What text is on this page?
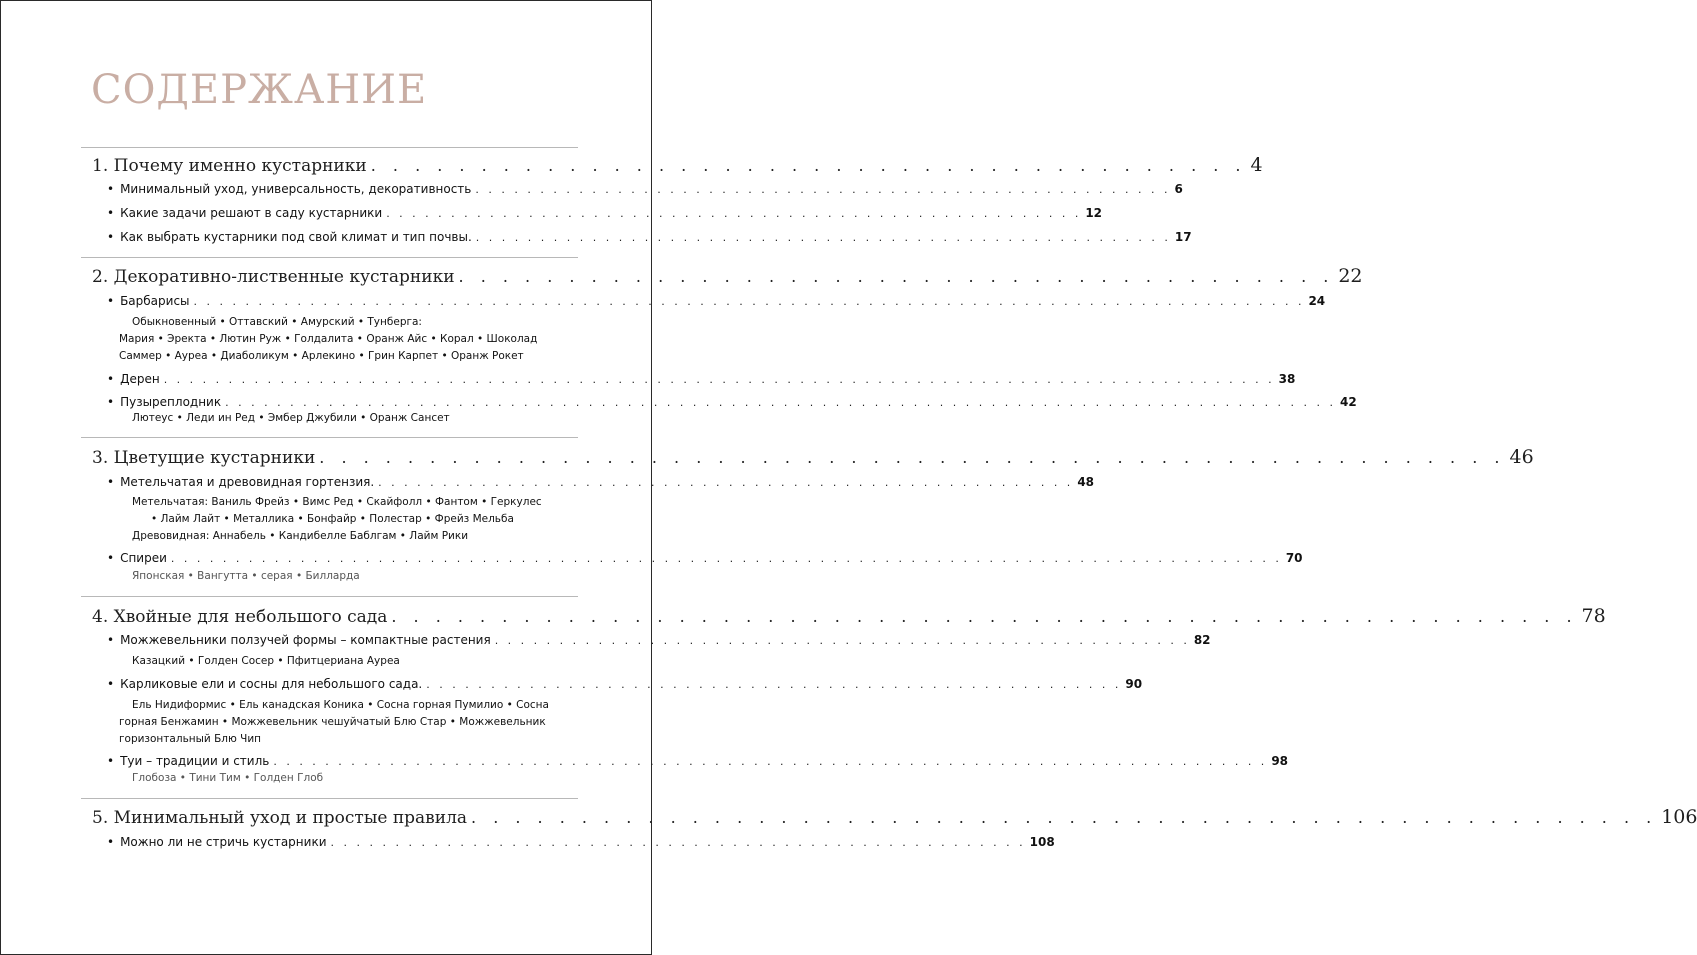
СОДЕРЖАНИЕ
1. Почему именно кустарники . . . . . . . . . . . . . . . . . . . . . . . . . . . . . . . . . . . . . . . . 4
• Минимальный уход, универсальность, декоративность . . . . . . . . . . . . . . . . . . . . . . . . . . . . . . . . . . . . . . . . . . . . . . . . . . . . . . 6
• Какие задачи решают в саду кустарники . . . . . . . . . . . . . . . . . . . . . . . . . . . . . . . . . . . . . . . . . . . . . . . . . . . . . . 12
• Как выбрать кустарники под свой климат и тип почвы. . . . . . . . . . . . . . . . . . . . . . . . . . . . . . . . . . . . . . . . . . . . . . . . . . . . . . . 17
2. Декоративно-лиственные кустарники . . . . . . . . . . . . . . . . . . . . . . . . . . . . . . . . . . . . . . . . 22
• Барбарисы . . . . . . . . . . . . . . . . . . . . . . . . . . . . . . . . . . . . . . . . . . . . . . . . . . . . . . . . . . . . . . . . . . . . . . . . . . . . . . . . . . . . . . 24
Обыкновенный • Оттавский • Амурский • Тунберга:
Мария • Эректа • Лютин Руж • Голдалита • Оранж Айс • Корал • Шоколад
Саммер • Ауреа • Диаболикум • Арлекино • Грин Карпет • Оранж Рокет
• Дерен . . . . . . . . . . . . . . . . . . . . . . . . . . . . . . . . . . . . . . . . . . . . . . . . . . . . . . . . . . . . . . . . . . . . . . . . . . . . . . . . . . . . . . 38
• Пузыреплодник . . . . . . . . . . . . . . . . . . . . . . . . . . . . . . . . . . . . . . . . . . . . . . . . . . . . . . . . . . . . . . . . . . . . . . . . . . . . . . . . . . . . . . 42
Лютеус • Леди ин Ред • Эмбер Джубили • Оранж Сансет
3. Цветущие кустарники . . . . . . . . . . . . . . . . . . . . . . . . . . . . . . . . . . . . . . . . . . . . . . . . . . . . . . 46
• Метельчатая и древовидная гортензия. . . . . . . . . . . . . . . . . . . . . . . . . . . . . . . . . . . . . . . . . . . . . . . . . . . . . . . 48
Метельчатая: Ваниль Фрейз • Вимс Ред • Скайфолл • Фантом • Геркулес
• Лайм Лайт • Металлика • Бонфайр • Полестар • Фрейз Мельба
Древовидная: Аннабель • Кандибелле Баблгам • Лайм Рики
• Спиреи . . . . . . . . . . . . . . . . . . . . . . . . . . . . . . . . . . . . . . . . . . . . . . . . . . . . . . . . . . . . . . . . . . . . . . . . . . . . . . . . . . . . . . 70
Японская • Вангутта • серая • Билларда
4. Хвойные для небольшого сада . . . . . . . . . . . . . . . . . . . . . . . . . . . . . . . . . . . . . . . . . . . . . . . . . . . . . . 78
• Можжевельники ползучей формы – компактные растения . . . . . . . . . . . . . . . . . . . . . . . . . . . . . . . . . . . . . . . . . . . . . . . . . . . . . . 82
Казацкий • Голден Сосер • Пфитцериана Ауреа
• Карликовые ели и сосны для небольшого сада. . . . . . . . . . . . . . . . . . . . . . . . . . . . . . . . . . . . . . . . . . . . . . . . . . . . . . . 90
Ель Нидиформис • Ель канадская Коника • Сосна горная Пумилио • Сосна
горная Бенжамин • Можжевельник чешуйчатый Блю Стар • Можжевельник
горизонтальный Блю Чип
• Туи – традиции и стиль . . . . . . . . . . . . . . . . . . . . . . . . . . . . . . . . . . . . . . . . . . . . . . . . . . . . . . . . . . . . . . . . . . . . . . . . . . . . . 98
Глобоза • Тини Тим • Голден Глоб
5. Минимальный уход и простые правила . . . . . . . . . . . . . . . . . . . . . . . . . . . . . . . . . . . . . . . . . . . . . . . . . . . . . . 106
• Можно ли не стричь кустарники . . . . . . . . . . . . . . . . . . . . . . . . . . . . . . . . . . . . . . . . . . . . . . . . . . . . . . 108
